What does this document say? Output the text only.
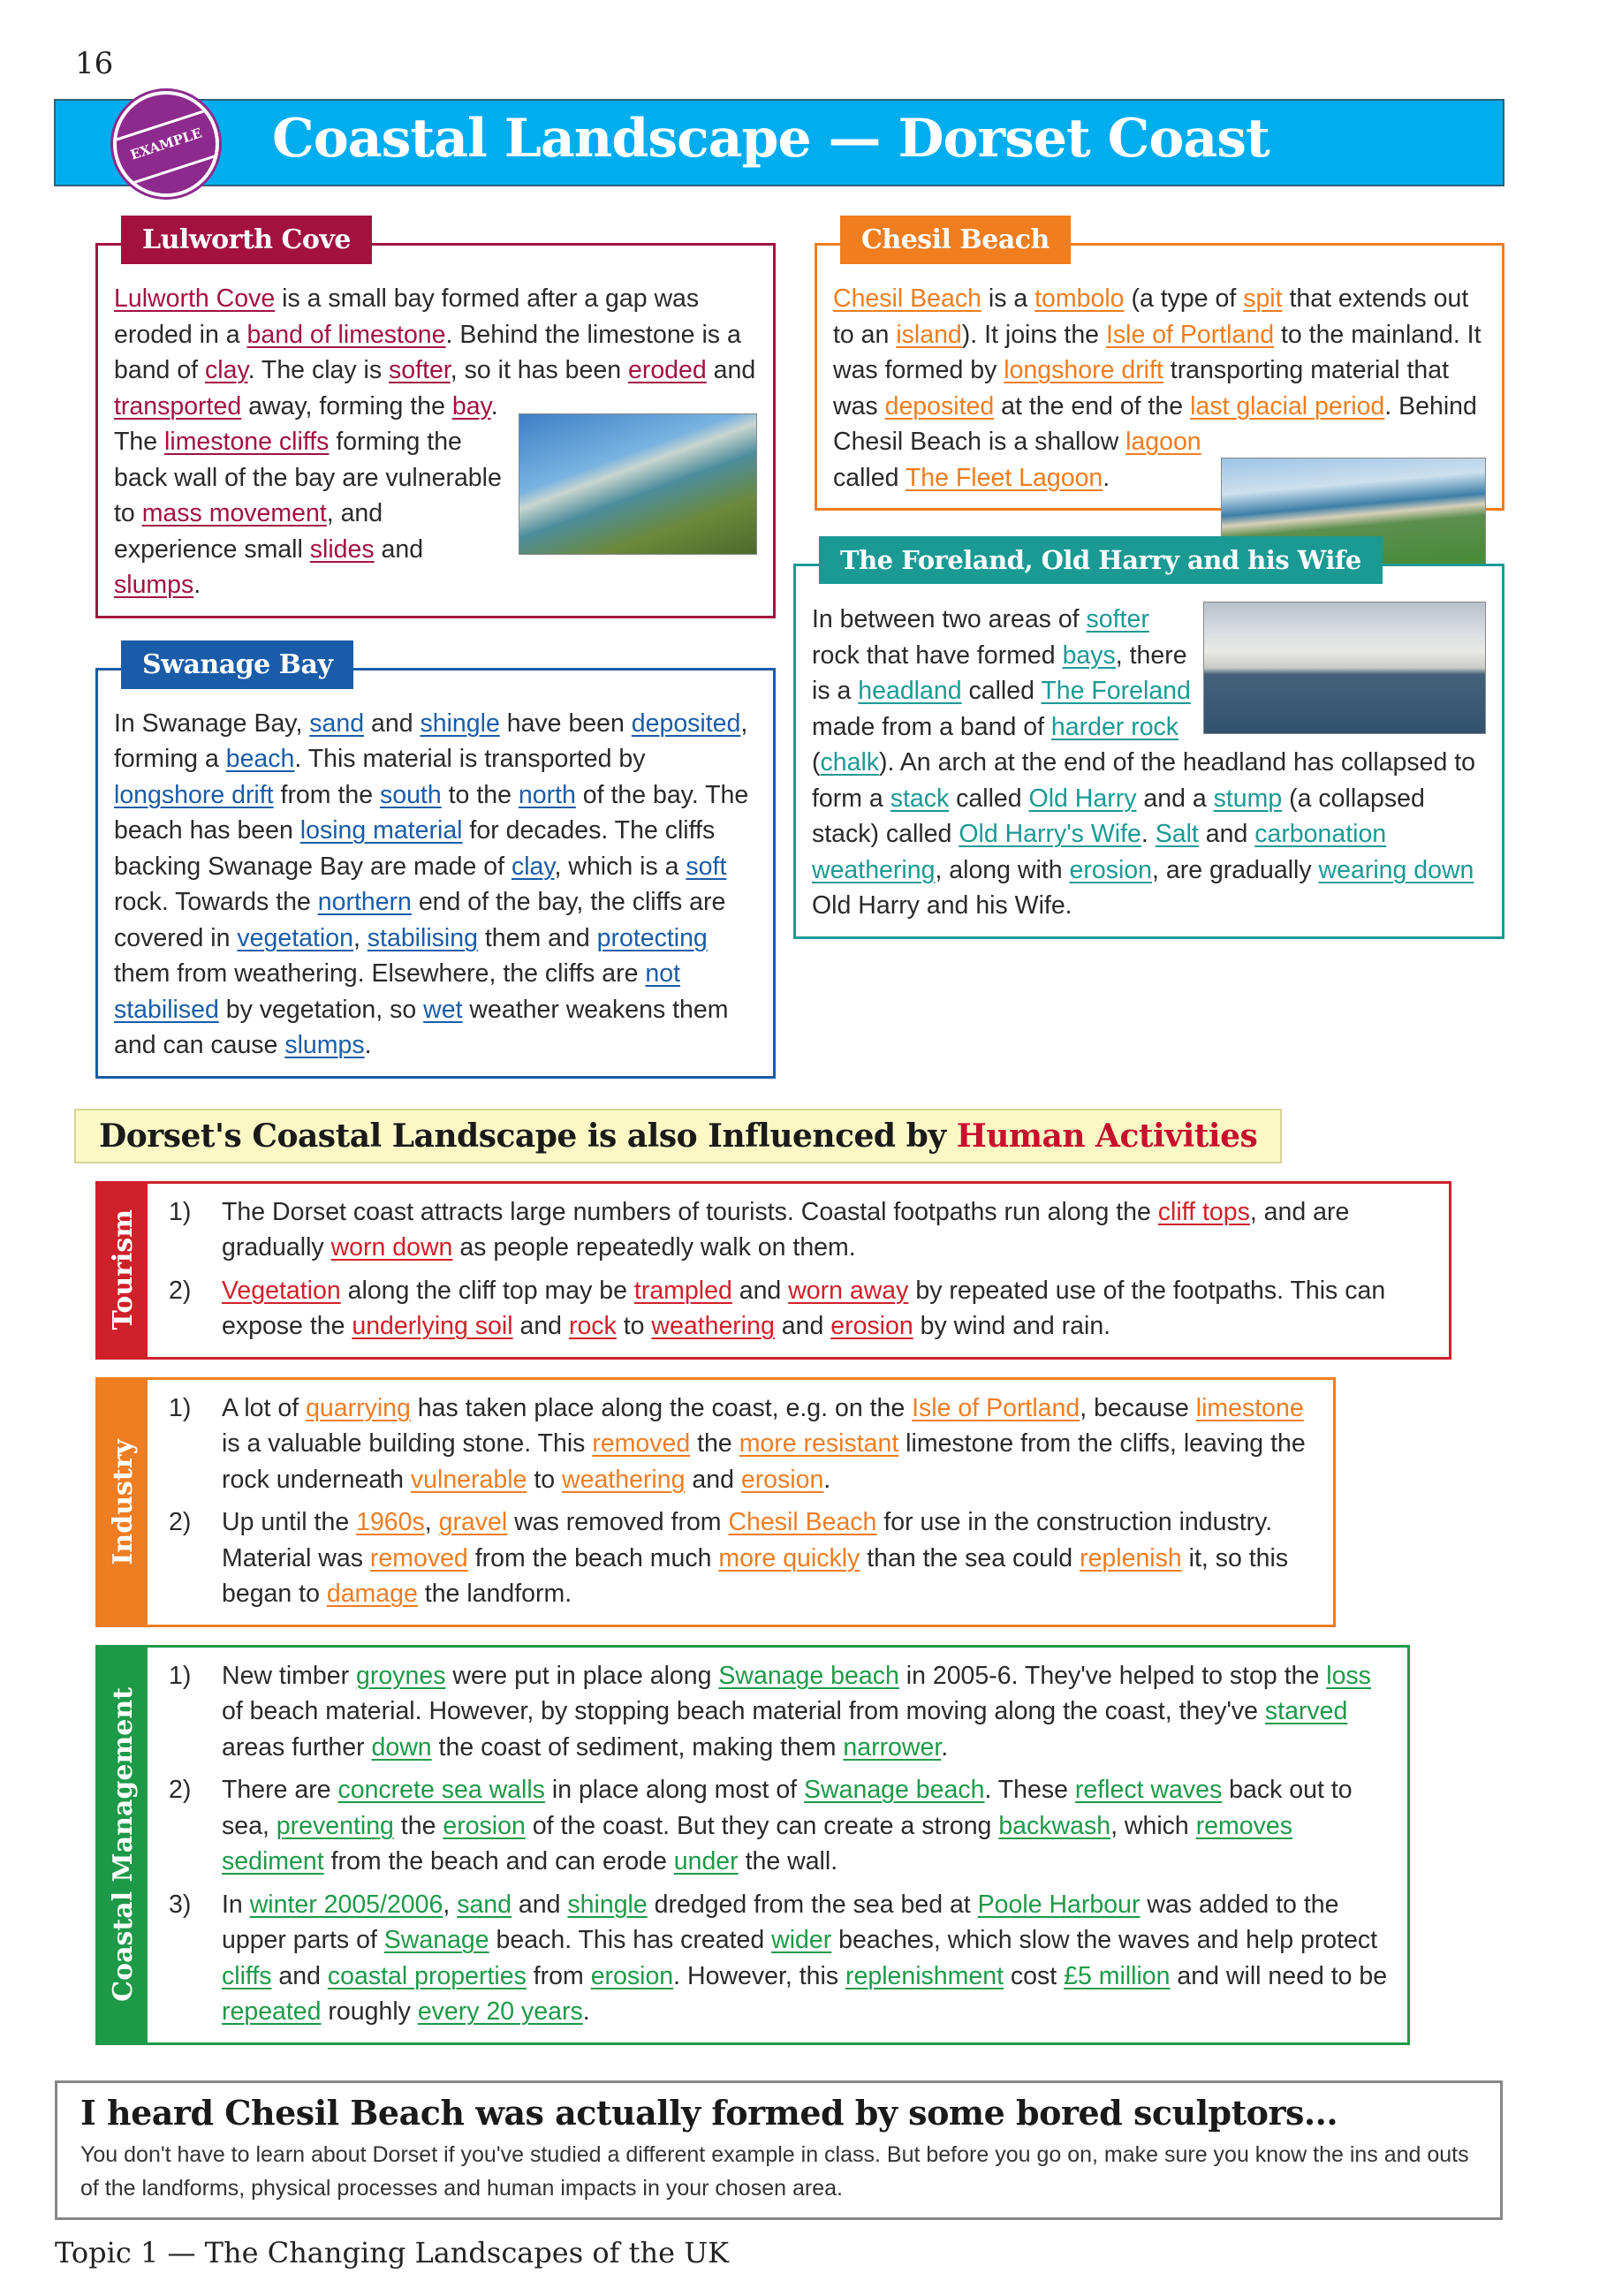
16
Coastal Landscape — Dorset Coast
EXAMPLE
Lulworth Cove
Lulworth Cove is a small bay formed after a gap was eroded in a band of limestone. Behind the limestone is a band of clay. The clay is softer, so it has been eroded and transported away, forming the bay. The limestone cliffs forming the back wall of the bay are vulnerable to mass movement, and experience small slides and slumps.
Swanage Bay
In Swanage Bay, sand and shingle have been deposited, forming a beach. This material is transported by longshore drift from the south to the north of the bay. The beach has been losing material for decades. The cliffs backing Swanage Bay are made of clay, which is a soft rock. Towards the northern end of the bay, the cliffs are covered in vegetation, stabilising them and protecting them from weathering. Elsewhere, the cliffs are not stabilised by vegetation, so wet weather weakens them and can cause slumps.
Chesil Beach
Chesil Beach is a tombolo (a type of spit that extends out to an island). It joins the Isle of Portland to the mainland. It was formed by longshore drift transporting material that was deposited at the end of the last glacial period. Behind Chesil Beach is a shallow lagoon called The Fleet Lagoon.
The Foreland, Old Harry and his Wife
In between two areas of softer rock that have formed bays, there is a headland called The Foreland made from a band of harder rock (chalk). An arch at the end of the headland has collapsed to form a stack called Old Harry and a stump (a collapsed stack) called Old Harry's Wife. Salt and carbonation weathering, along with erosion, are gradually wearing down Old Harry and his Wife.
Dorset's Coastal Landscape is also Influenced by Human Activities
Tourism 1)	The Dorset coast attracts large numbers of tourists. Coastal footpaths run along the cliff tops, and are gradually worn down as people repeatedly walk on them.
2)	Vegetation along the cliff top may be trampled and worn away by repeated use of the footpaths. This can expose the underlying soil and rock to weathering and erosion by wind and rain.
Industry
1)	A lot of quarrying has taken place along the coast, e.g. on the Isle of Portland, because limestone is a valuable building stone. This removed the more resistant limestone from the cliffs, leaving the rock underneath vulnerable to weathering and erosion.
2)	Up until the 1960s, gravel was removed from Chesil Beach for use in the construction industry. Material was removed from the beach much more quickly than the sea could replenish it, so this began to damage the landform.
Coastal Management
1)	New timber groynes were put in place along Swanage beach in 2005-6. They've helped to stop the loss of beach material. However, by stopping beach material from moving along the coast, they've starved areas further down the coast of sediment, making them narrower.
2)	There are concrete sea walls in place along most of Swanage beach. These reflect waves back out to sea, preventing the erosion of the coast. But they can create a strong backwash, which removes sediment from the beach and can erode under the wall.
3)	In winter 2005/2006, sand and shingle dredged from the sea bed at Poole Harbour was added to the upper parts of Swanage beach. This has created wider beaches, which slow the waves and help protect cliffs and coastal properties from erosion. However, this replenishment cost £5 million and will need to be repeated roughly every 20 years.
I heard Chesil Beach was actually formed by some bored sculptors...
You don't have to learn about Dorset if you've studied a different example in class. But before you go on, make sure you know the ins and outs of the landforms, physical processes and human impacts in your chosen area.
Topic 1 — The Changing Landscapes of the UK
